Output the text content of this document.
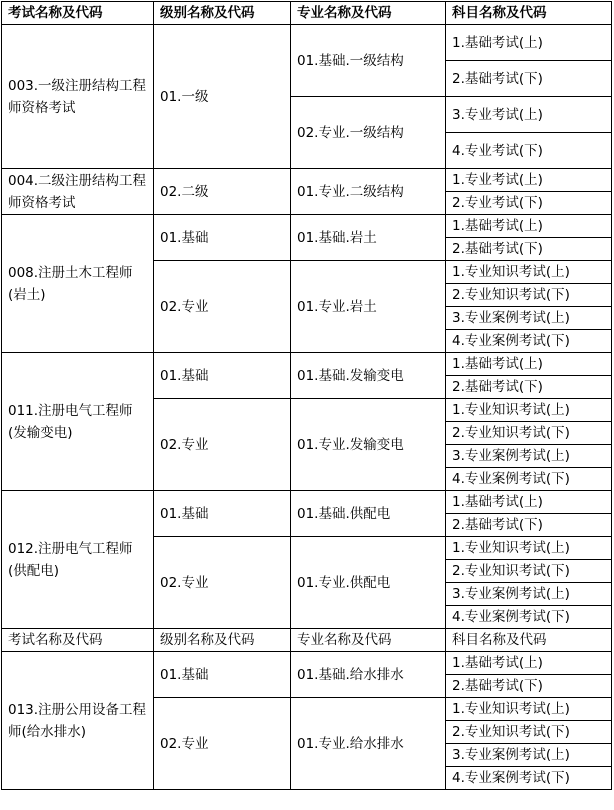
考试名称及代码	级别名称及代码	专业名称及代码	科目名称及代码
003.一级注册结构工程师资格考试	01.一级	01.基础.一级结构	1.基础考试(上)
			2.基础考试(下)
		02.专业.一级结构	3.专业考试(上)
			4.专业考试(下)
004.二级注册结构工程师资格考试	02.二级	01.专业.二级结构	1.专业考试(上)
			2.专业考试(下)
008.注册土木工程师(岩土)	01.基础	01.基础.岩土	1.基础考试(上)
			2.基础考试(下)
	02.专业	01.专业.岩土	1.专业知识考试(上)
			2.专业知识考试(下)
			3.专业案例考试(上)
			4.专业案例考试(下)
011.注册电气工程师(发输变电)	01.基础	01.基础.发输变电	1.基础考试(上)
			2.基础考试(下)
	02.专业	01.专业.发输变电	1.专业知识考试(上)
			2.专业知识考试(下)
			3.专业案例考试(上)
			4.专业案例考试(下)
012.注册电气工程师(供配电)	01.基础	01.基础.供配电	1.基础考试(上)
			2.基础考试(下)
	02.专业	01.专业.供配电	1.专业知识考试(上)
			2.专业知识考试(下)
			3.专业案例考试(上)
			4.专业案例考试(下)
考试名称及代码	级别名称及代码	专业名称及代码	科目名称及代码
013.注册公用设备工程师(给水排水)	01.基础	01.基础.给水排水	1.基础考试(上)
			2.基础考试(下)
	02.专业	01.专业.给水排水	1.专业知识考试(上)
			2.专业知识考试(下)
			3.专业案例考试(上)
			4.专业案例考试(下)
